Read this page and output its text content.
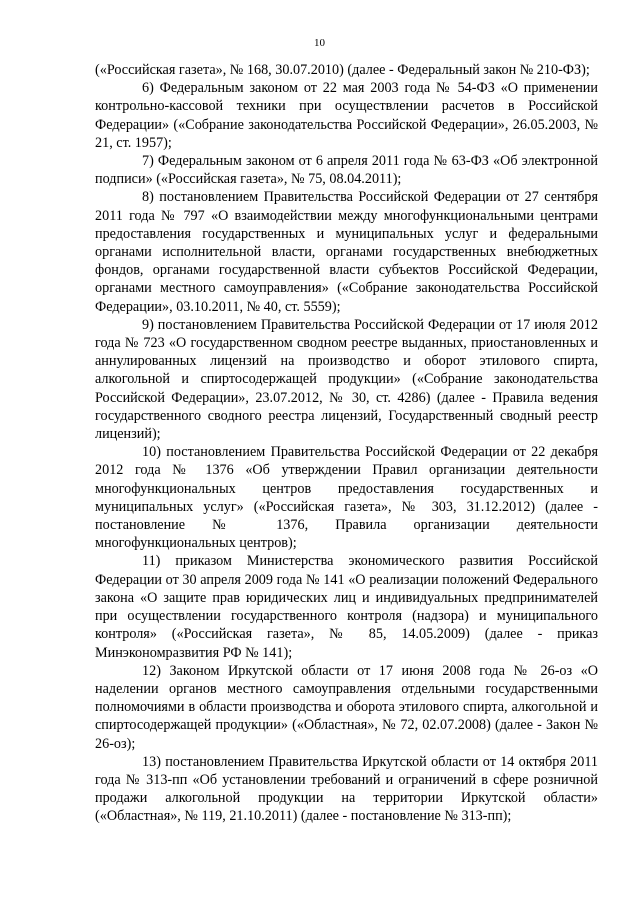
10

(«Российская газета», № 168, 30.07.2010) (далее - Федеральный закон № 210-ФЗ);

6) Федеральным законом от 22 мая 2003 года № 54-ФЗ «О применении контрольно-кассовой техники при осуществлении расчетов в Российской Федерации» («Собрание законодательства Российской Федерации», 26.05.2003, № 21, ст. 1957);

7) Федеральным законом от 6 апреля 2011 года № 63-ФЗ «Об электронной подписи» («Российская газета», № 75, 08.04.2011);

8) постановлением Правительства Российской Федерации от 27 сентября 2011 года № 797 «О взаимодействии между многофункциональными центрами предоставления государственных и муниципальных услуг и федеральными органами исполнительной власти, органами государственных внебюджетных фондов, органами государственной власти субъектов Российской Федерации, органами местного самоуправления» («Собрание законодательства Российской Федерации», 03.10.2011, № 40, ст. 5559);

9) постановлением Правительства Российской Федерации от 17 июля 2012 года № 723 «О государственном сводном реестре выданных, приостановленных и аннулированных лицензий на производство и оборот этилового спирта, алкогольной и спиртосодержащей продукции» («Собрание законодательства Российской Федерации», 23.07.2012, № 30, ст. 4286) (далее - Правила ведения государственного сводного реестра лицензий, Государственный сводный реестр лицензий);

10) постановлением Правительства Российской Федерации от 22 декабря 2012 года № 1376 «Об утверждении Правил организации деятельности многофункциональных центров предоставления государственных и муниципальных услуг» («Российская газета», № 303, 31.12.2012) (далее - постановление № 1376, Правила организации деятельности многофункциональных центров);

11) приказом Министерства экономического развития Российской Федерации от 30 апреля 2009 года № 141 «О реализации положений Федерального закона «О защите прав юридических лиц и индивидуальных предпринимателей при осуществлении государственного контроля (надзора) и муниципального контроля» («Российская газета», № 85, 14.05.2009) (далее - приказ Минэкономразвития РФ № 141);

12) Законом Иркутской области от 17 июня 2008 года № 26-оз «О наделении органов местного самоуправления отдельными государственными полномочиями в области производства и оборота этилового спирта, алкогольной и спиртосодержащей продукции» («Областная», № 72, 02.07.2008) (далее - Закон № 26-оз);

13) постановлением Правительства Иркутской области от 14 октября 2011 года № 313-пп «Об установлении требований и ограничений в сфере розничной продажи алкогольной продукции на территории Иркутской области» («Областная», № 119, 21.10.2011) (далее - постановление № 313-пп);
